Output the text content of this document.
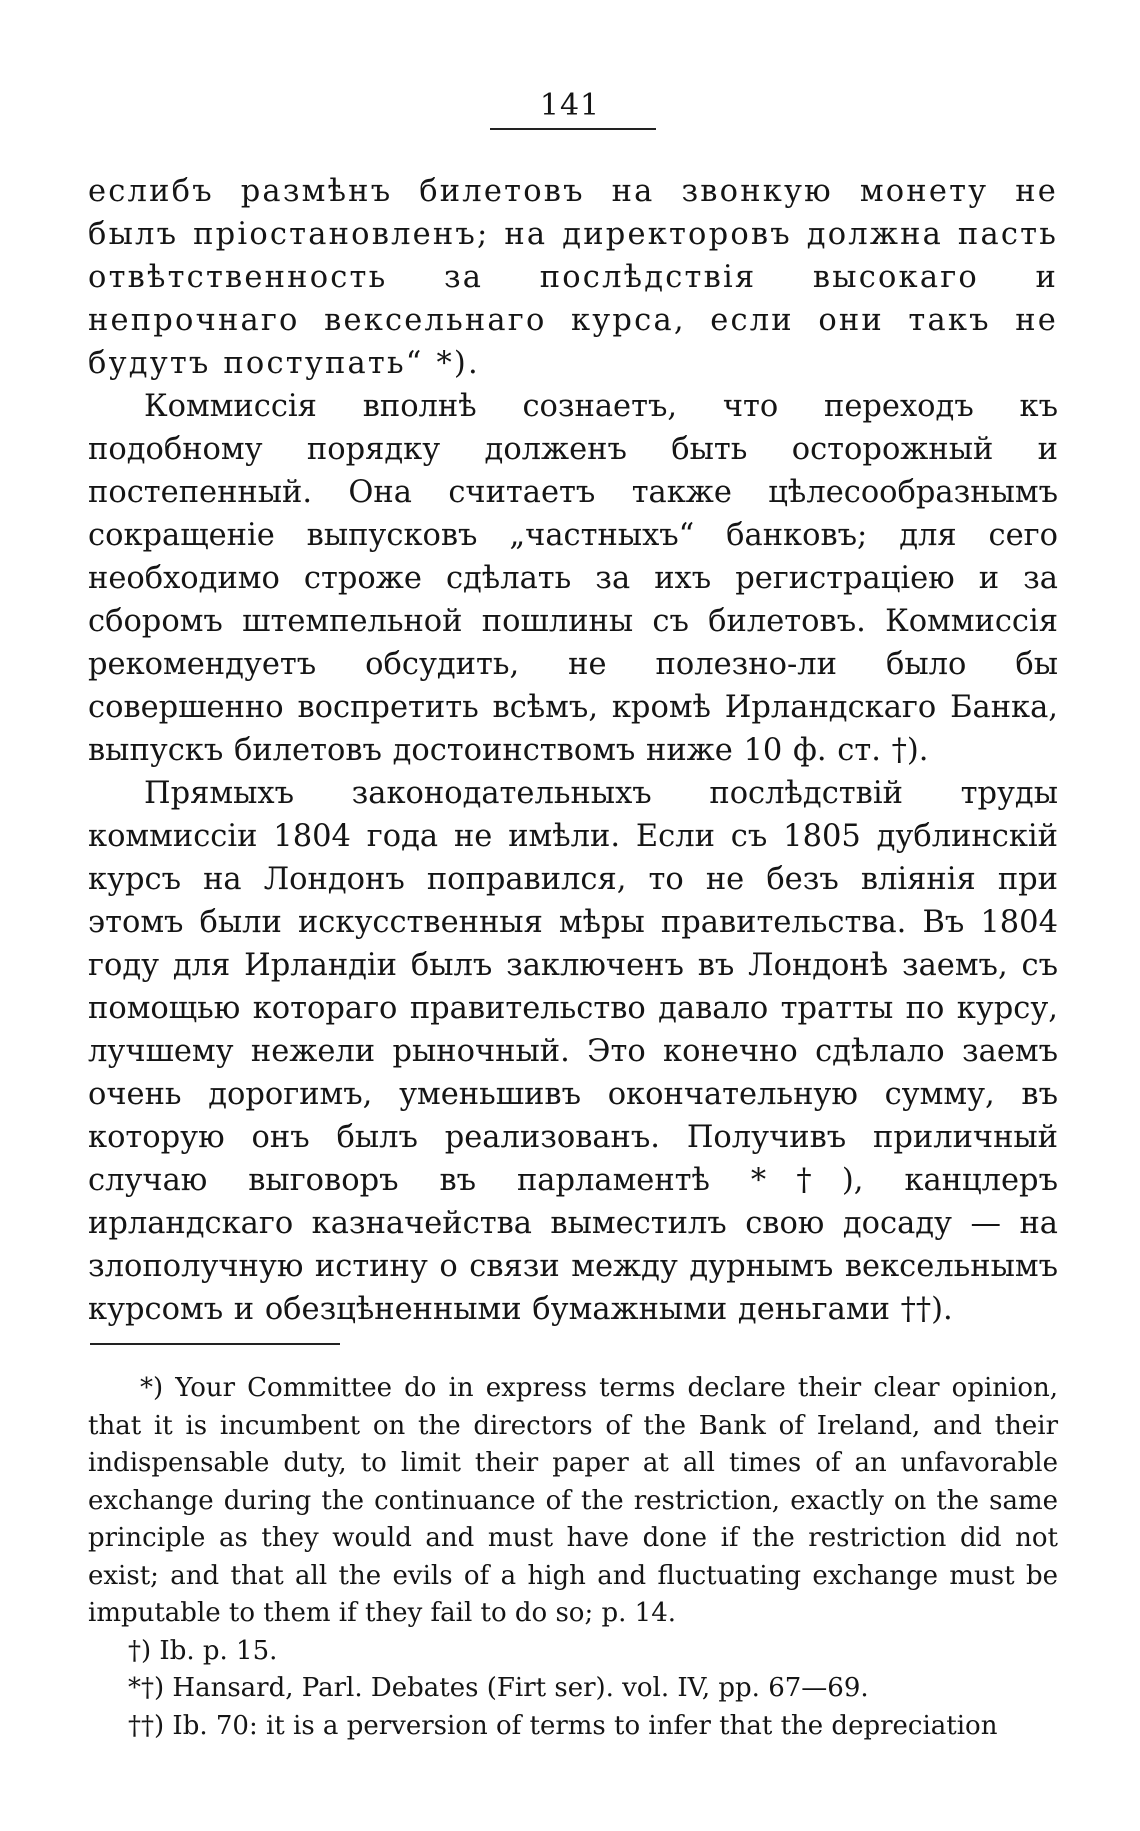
141

еслибъ размѣнъ билетовъ на звонкую монету не былъ пріостановленъ; на директоровъ должна пасть отвѣтственность за послѣдствія высокаго и непрочнаго вексельнаго курса, если они такъ не будутъ поступать“ *).

Коммиссія вполнѣ сознаетъ, что переходъ къ подобному порядку долженъ быть осторожный и постепенный. Она считаетъ также цѣлесообразнымъ сокращеніе выпусковъ „частныхъ“ банковъ; для сего необходимо строже сдѣлать за ихъ регистраціею и за сборомъ штемпельной пошлины съ билетовъ. Коммиссія рекомендуетъ обсудить, не полезно-ли было бы совершенно воспретить всѣмъ, кромѣ Ирландскаго Банка, выпускъ билетовъ достоинствомъ ниже 10 ф. ст. †).

Прямыхъ законодательныхъ послѣдствій труды коммиссіи 1804 года не имѣли. Если съ 1805 дублинскій курсъ на Лондонъ поправился, то не безъ вліянія при этомъ были искусственныя мѣры правительства. Въ 1804 году для Ирландіи былъ заключенъ въ Лондонѣ заемъ, съ помощью котораго правительство давало тратты по курсу, лучшему нежели рыночный. Это конечно сдѣлало заемъ очень дорогимъ, уменьшивъ окончательную сумму, въ которую онъ былъ реализованъ. Получивъ приличный случаю выговоръ въ парламентѣ *†), канцлеръ ирландскаго казначейства выместилъ свою досаду — на злополучную истину о связи между дурнымъ вексельнымъ курсомъ и обезцѣненными бумажными деньгами ††).

*) Your Committee do in express terms declare their clear opinion, that it is incumbent on the directors of the Bank of Ireland, and their indispensable duty, to limit their paper at all times of an unfavorable exchange during the continuance of the restriction, exactly on the same principle as they would and must have done if the restriction did not exist; and that all the evils of a high and fluctuating exchange must be imputable to them if they fail to do so; p. 14.

†) Ib. p. 15.

*†) Hansard, Parl. Debates (Firt ser). vol. IV, pp. 67—69.

††) Ib. 70: it is a perversion of terms to infer that the depreciation
